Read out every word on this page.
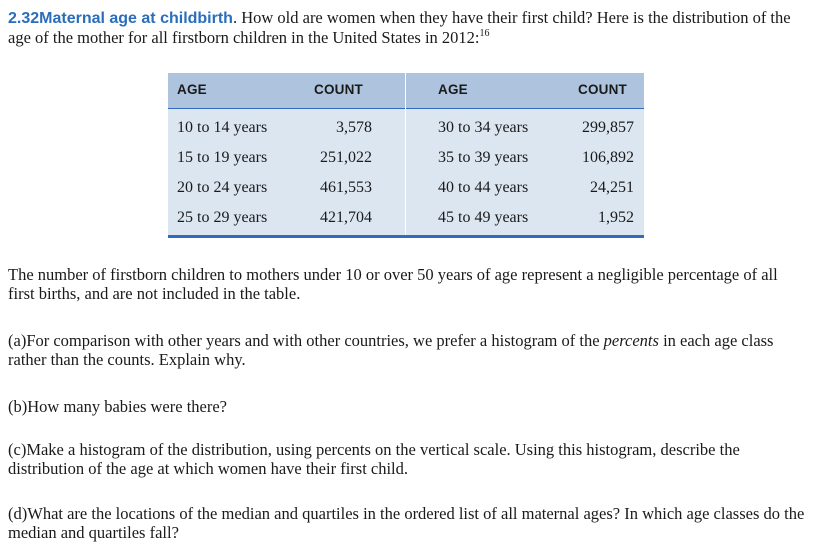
2.32Maternal age at childbirth. How old are women when they have their first child? Here is the distribution of the age of the mother for all firstborn children in the United States in 2012:$^{16}$
AGE	COUNT	AGE	COUNT
10 to 14 years	3,578	30 to 34 years	299,857
15 to 19 years	251,022	35 to 39 years	106,892
20 to 24 years	461,553	40 to 44 years	24,251
25 to 29 years	421,704	45 to 49 years	1,952
The number of firstborn children to mothers under 10 or over 50 years of age represent a negligible percentage of all first births, and are not included in the table.
(a)For comparison with other years and with other countries, we prefer a histogram of the percents in each age class rather than the counts. Explain why.
(b)How many babies were there?
(c)Make a histogram of the distribution, using percents on the vertical scale. Using this histogram, describe the distribution of the age at which women have their first child.
(d)What are the locations of the median and quartiles in the ordered list of all maternal ages? In which age classes do the median and quartiles fall?
